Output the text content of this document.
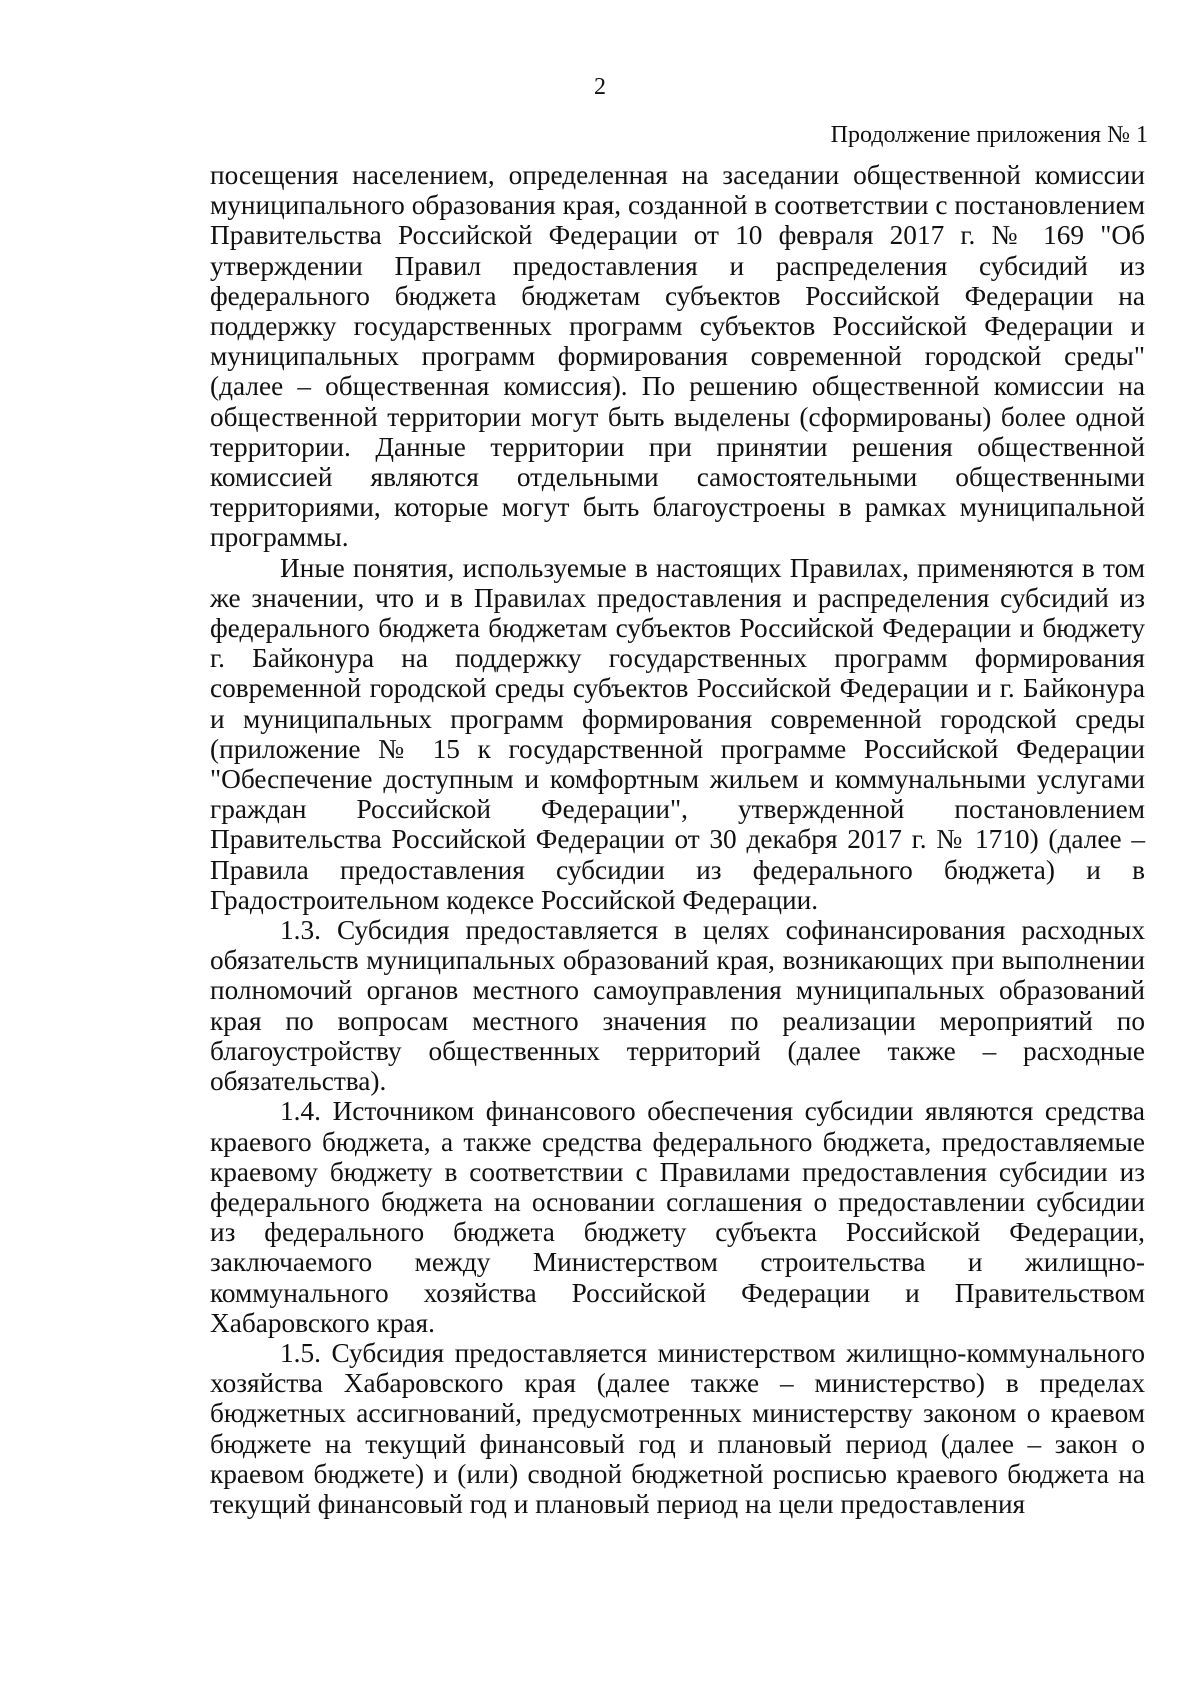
2
Продолжение приложения № 1

посещения населением, определенная на заседании общественной комиссии муниципального образования края, созданной в соответствии с постановлением Правительства Российской Федерации от 10 февраля 2017 г. № 169 "Об утверждении Правил предоставления и распределения субсидий из федерального бюджета бюджетам субъектов Российской Федерации на поддержку государственных программ субъектов Российской Федерации и муниципальных программ формирования современной городской среды" (далее – общественная комиссия). По решению общественной комиссии на общественной территории могут быть выделены (сформированы) более одной территории. Данные территории при принятии решения общественной комиссией являются отдельными самостоятельными общественными территориями, которые могут быть благоустроены в рамках муниципальной программы.

Иные понятия, используемые в настоящих Правилах, применяются в том же значении, что и в Правилах предоставления и распределения субсидий из федерального бюджета бюджетам субъектов Российской Федерации и бюджету г. Байконура на поддержку государственных программ формирования современной городской среды субъектов Российской Федерации и г. Байконура и муниципальных программ формирования современной городской среды (приложение № 15 к государственной программе Российской Федерации "Обеспечение доступным и комфортным жильем и коммунальными услугами граждан Российской Федерации", утвержденной постановлением Правительства Российской Федерации от 30 декабря 2017 г. № 1710) (далее – Правила предоставления субсидии из федерального бюджета) и в Градостроительном кодексе Российской Федерации.

1.3. Субсидия предоставляется в целях софинансирования расходных обязательств муниципальных образований края, возникающих при выполнении полномочий органов местного самоуправления муниципальных образований края по вопросам местного значения по реализации мероприятий по благоустройству общественных территорий (далее также – расходные обязательства).

1.4. Источником финансового обеспечения субсидии являются средства краевого бюджета, а также средства федерального бюджета, предоставляемые краевому бюджету в соответствии с Правилами предоставления субсидии из федерального бюджета на основании соглашения о предоставлении субсидии из федерального бюджета бюджету субъекта Российской Федерации, заключаемого между Министерством строительства и жилищно-коммунального хозяйства Российской Федерации и Правительством Хабаровского края.

1.5. Субсидия предоставляется министерством жилищно-коммунального хозяйства Хабаровского края (далее также – министерство) в пределах бюджетных ассигнований, предусмотренных министерству законом о краевом бюджете на текущий финансовый год и плановый период (далее – закон о краевом бюджете) и (или) сводной бюджетной росписью краевого бюджета на текущий финансовый год и плановый период на цели предоставления
